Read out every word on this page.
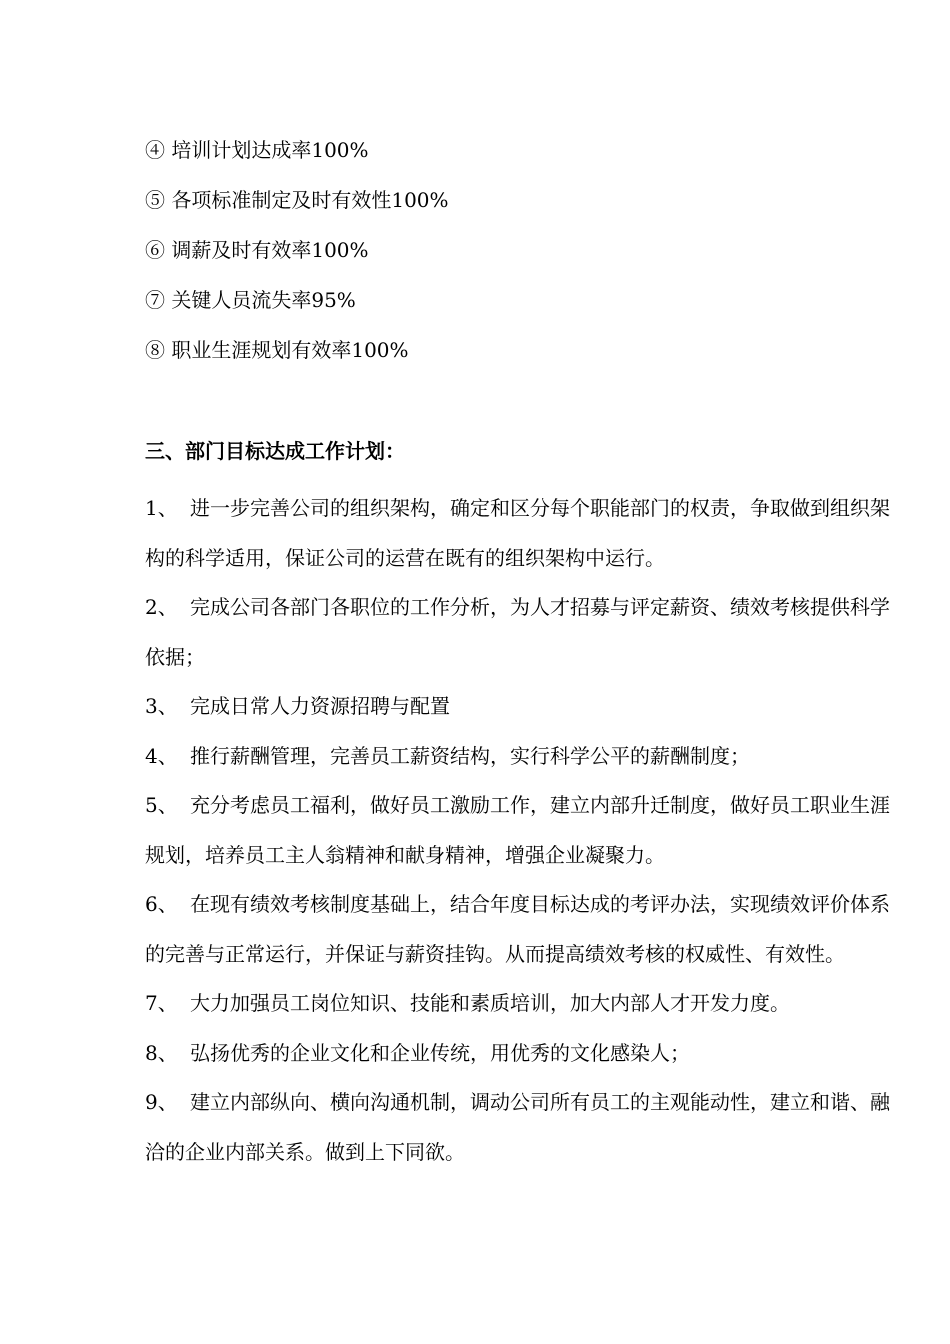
④ 培训计划达成率100%
⑤ 各项标准制定及时有效性100%
⑥ 调薪及时有效率100%
⑦ 关键人员流失率95%
⑧ 职业生涯规划有效率100%
三、部门目标达成工作计划：

1、 进一步完善公司的组织架构，确定和区分每个职能部门的权责，争取做到组织架构的科学适用，保证公司的运营在既有的组织架构中运行。

2、 完成公司各部门各职位的工作分析，为人才招募与评定薪资、绩效考核提供科学依据；

3、 完成日常人力资源招聘与配置

4、 推行薪酬管理，完善员工薪资结构，实行科学公平的薪酬制度；

5、 充分考虑员工福利，做好员工激励工作，建立内部升迁制度，做好员工职业生涯规划，培养员工主人翁精神和献身精神，增强企业凝聚力。

6、 在现有绩效考核制度基础上，结合年度目标达成的考评办法，实现绩效评价体系的完善与正常运行，并保证与薪资挂钩。从而提高绩效考核的权威性、有效性。

7、 大力加强员工岗位知识、技能和素质培训，加大内部人才开发力度。

8、 弘扬优秀的企业文化和企业传统，用优秀的文化感染人；

9、 建立内部纵向、横向沟通机制，调动公司所有员工的主观能动性，建立和谐、融洽的企业内部关系。做到上下同欲。
